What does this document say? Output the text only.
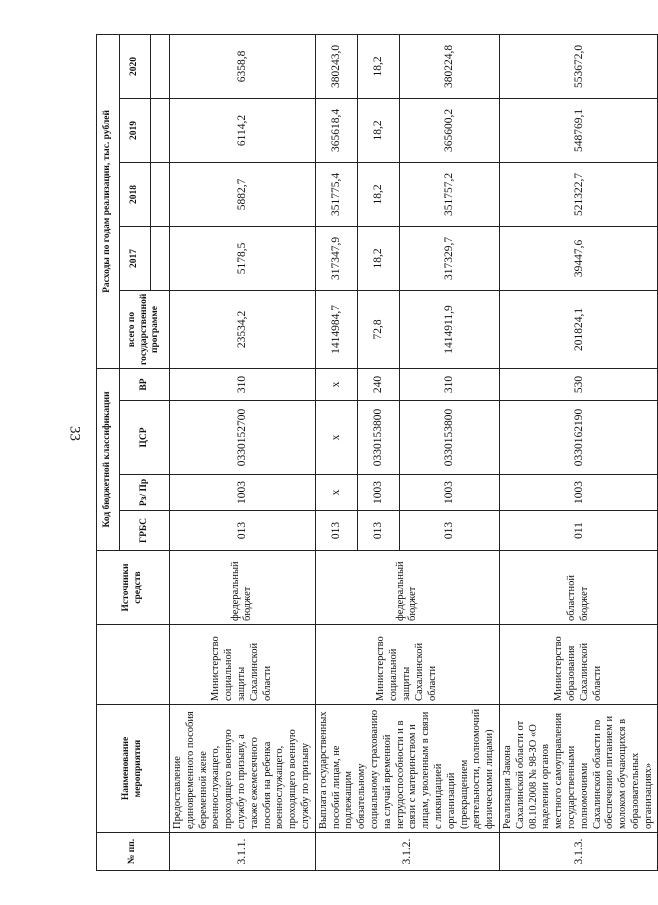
33
№ пп.	Наименование мероприятия		Источники средств	Код бюджетной классификации				Расходы по годам реализации, тыс. рублей				
				ГРБС	Рз/ Пр	ЦСР	ВР	всего по государственной программе	2017	2018	2019	2020

3.1.1.	Предоставление единовременного пособия беременной жене военнослужащего, проходящего военную службу по призыву, а также ежемесячного пособия на ребенка военнослужащего, проходящего военную службу по призыву	Министерство социальной защиты Сахалинской области	федеральный бюджет	013	1003	0330152700	310	23534,2	5178,5	5882,7	6114,2	6358,8
3.1.2.	Выплата государственных пособий лицам, не подлежащим обязательному социальному страхованию на случай временной нетрудоспособности и в связи с материнством и лицам, уволенным в связи с ликвидацией организаций (прекращением деятельности, полномочий физическими лицами)	Министерство социальной защиты Сахалинской области	федеральный бюджет	013	х	х	х	1414984,7	317347,9	351775,4	365618,4	380243,0
				013	1003	0330153800	240	72,8	18,2	18,2	18,2	18,2
				013	1003	0330153800	310	1414911,9	317329,7	351757,2	365600,2	380224,8
3.1.3.	Реализация Закона Сахалинской области от 08.10.2008 № 98-ЗО «О наделении органов местного самоуправления государственными полномочиями Сахалинской области по обеспечению питанием и молоком обучающихся в образовательных организациях»	Министерство образования Сахалинской области	областной бюджет	011	1003	0330162190	530	201824,1	39447,6	521322,7	548769,1	553672,0
